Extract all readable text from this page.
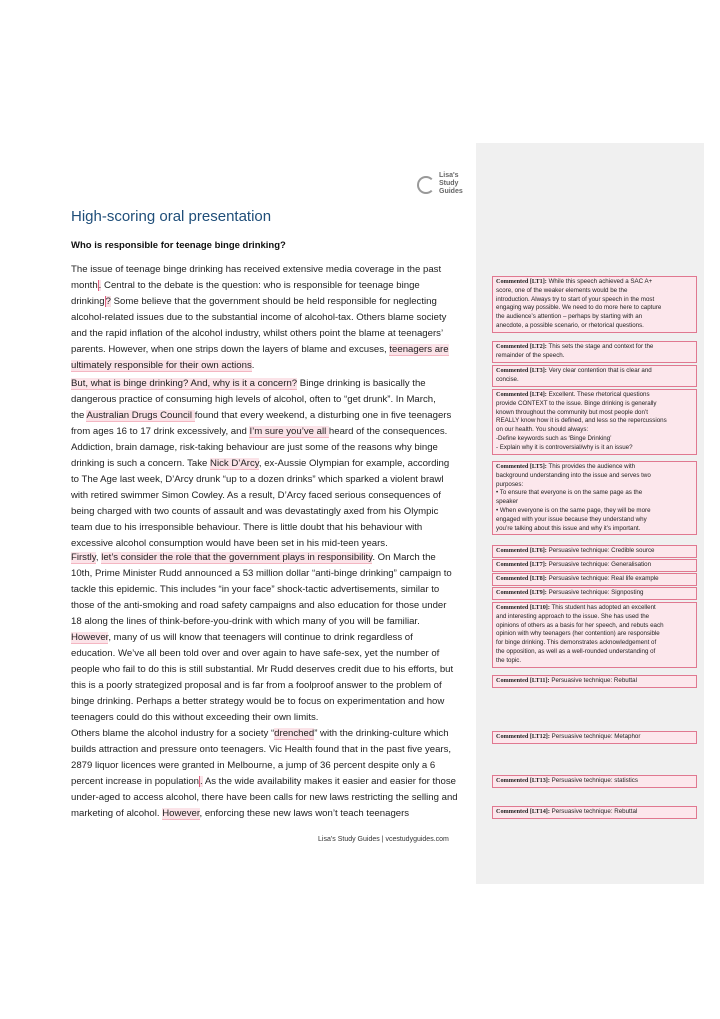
Lisa's
Study
Guides
High-scoring oral presentation
Who is responsible for teenage binge drinking?
The issue of teenage binge drinking has received extensive media coverage in the past
month. Central to the debate is the question: who is responsible for teenage binge
drinking? Some believe that the government should be held responsible for neglecting
alcohol-related issues due to the substantial income of alcohol-tax. Others blame society
and the rapid inflation of the alcohol industry, whilst others point the blame at teenagers’
parents. However, when one strips down the layers of blame and excuses, teenagers are
ultimately responsible for their own actions.
But, what is binge drinking? And, why is it a concern? Binge drinking is basically the
dangerous practice of consuming high levels of alcohol, often to “get drunk”. In March,
the Australian Drugs Council found that every weekend, a disturbing one in five teenagers
from ages 16 to 17 drink excessively, and I’m sure you’ve all heard of the consequences.
Addiction, brain damage, risk-taking behaviour are just some of the reasons why binge
drinking is such a concern. Take Nick D’Arcy, ex-Aussie Olympian for example, according
to The Age last week, D’Arcy drunk “up to a dozen drinks” which sparked a violent brawl
with retired swimmer Simon Cowley. As a result, D’Arcy faced serious consequences of
being charged with two counts of assault and was devastatingly axed from his Olympic
team due to his irresponsible behaviour. There is little doubt that his behaviour with
excessive alcohol consumption would have been set in his mid-teen years.
Firstly, let’s consider the role that the government plays in responsibility. On March the
10th, Prime Minister Rudd announced a 53 million dollar “anti-binge drinking” campaign to
tackle this epidemic. This includes “in your face” shock-tactic advertisements, similar to
those of the anti-smoking and road safety campaigns and also education for those under
18 along the lines of think-before-you-drink with which many of you will be familiar.
However, many of us will know that teenagers will continue to drink regardless of
education. We’ve all been told over and over again to have safe-sex, yet the number of
people who fail to do this is still substantial. Mr Rudd deserves credit due to his efforts, but
this is a poorly strategized proposal and is far from a foolproof answer to the problem of
binge drinking. Perhaps a better strategy would be to focus on experimentation and how
teenagers could do this without exceeding their own limits.
Others blame the alcohol industry for a society “drenched” with the drinking-culture which
builds attraction and pressure onto teenagers. Vic Health found that in the past five years,
2879 liquor licences were granted in Melbourne, a jump of 36 percent despite only a 6
percent increase in population. As the wide availability makes it easier and easier for those
under-aged to access alcohol, there have been calls for new laws restricting the selling and
marketing of alcohol. However, enforcing these new laws won’t teach teenagers
Commented [LT1]: While this speech achieved a SAC A+
score, one of the weaker elements would be the
introduction. Always try to start of your speech in the most
engaging way possible. We need to do more here to capture
the audience’s attention – perhaps by starting with an
anecdote, a possible scenario, or rhetorical questions.
Commented [LT2]: This sets the stage and context for the
remainder of the speech.
Commented [LT3]: Very clear contention that is clear and
concise.
Commented [LT4]: Excellent. These rhetorical questions
provide CONTEXT to the issue. Binge drinking is generally
known throughout the community but most people don’t
REALLY know how it is defined, and less so the repercussions
on our health. You should always:
-Define keywords such as ‘Binge Drinking’
- Explain why it is controversial/why is it an issue?
Commented [LT5]: This provides the audience with
background understanding into the issue and serves two
purposes:
• To ensure that everyone is on the same page as the
speaker
• When everyone is on the same page, they will be more
engaged with your issue because they understand why
you’re talking about this issue and why it’s important.
Commented [LT6]: Persuasive technique: Credible source
Commented [LT7]: Persuasive technique: Generalisation
Commented [LT8]: Persuasive technique: Real life example
Commented [LT9]: Persuasive technique: Signposting
Commented [LT10]: This student has adopted an excellent
and interesting approach to the issue. She has used the
opinions of others as a basis for her speech, and rebuts each
opinion with why teenagers (her contention) are responsible
for binge drinking. This demonstrates acknowledgement of
the opposition, as well as a well-rounded understanding of
the topic.
Commented [LT11]: Persuasive technique: Rebuttal
Commented [LT12]: Persuasive technique: Metaphor
Commented [LT13]: Persuasive technique: statistics
Commented [LT14]: Persuasive technique: Rebuttal
Lisa’s Study Guides | vcestudyguides.com
